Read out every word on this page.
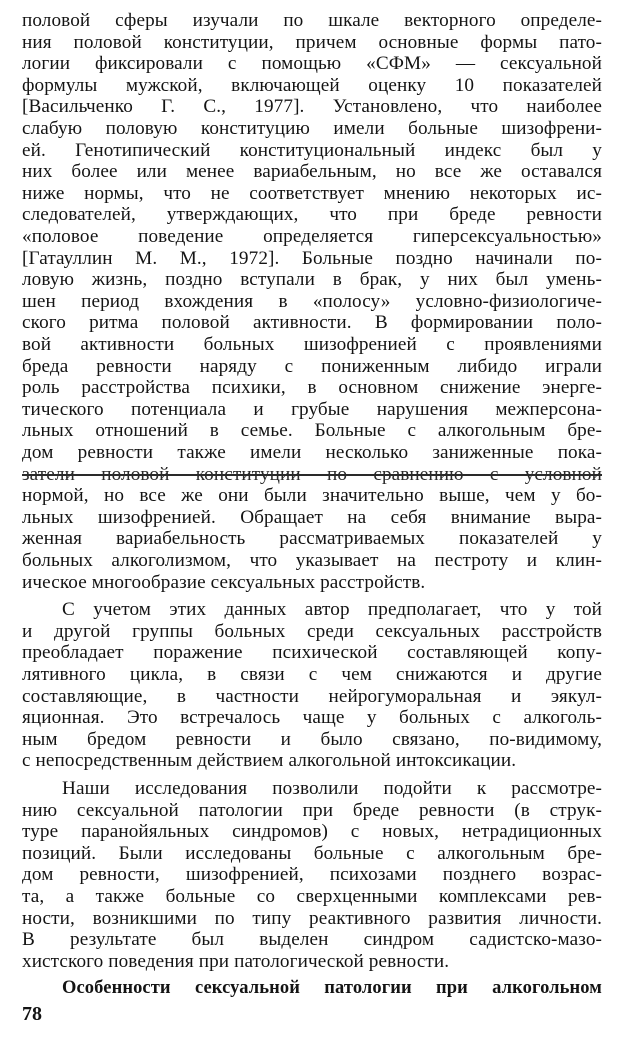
половой сферы изучали по шкале векторного определе-
ния половой конституции, причем основные формы пато-
логии фиксировали с помощью «СФМ» — сексуальной
формулы мужской, включающей оценку 10 показателей
[Васильченко Г. С., 1977]. Установлено, что наиболее
слабую половую конституцию имели больные шизофрени-
ей. Генотипический конституциональный индекс был у
них более или менее вариабельным, но все же оставался
ниже нормы, что не соответствует мнению некоторых ис-
следователей, утверждающих, что при бреде ревности
«половое поведение определяется гиперсексуальностью»
[Гатауллин М. М., 1972]. Больные поздно начинали по-
ловую жизнь, поздно вступали в брак, у них был умень-
шен период вхождения в «полосу» условно-физиологиче-
ского ритма половой активности. В формировании поло-
вой активности больных шизофренией с проявлениями
бреда ревности наряду с пониженным либидо играли
роль расстройства психики, в основном снижение энерге-
тического потенциала и грубые нарушения межперсона-
льных отношений в семье. Больные с алкогольным бре-
дом ревности также имели несколько заниженные пока-
затели половой конституции по сравнению с условной
нормой, но все же они были значительно выше, чем у бо-
льных шизофренией. Обращает на себя внимание выра-
женная вариабельность рассматриваемых показателей у
больных алкоголизмом, что указывает на пестроту и клин-
ическое многообразие сексуальных расстройств.
С учетом этих данных автор предполагает, что у той
и другой группы больных среди сексуальных расстройств
преобладает поражение психической составляющей копу-
лятивного цикла, в связи с чем снижаются и другие
составляющие, в частности нейрогуморальная и эякул-
яционная. Это встречалось чаще у больных с алкоголь-
ным бредом ревности и было связано, по-видимому,
с непосредственным действием алкогольной интоксикации.
Наши исследования позволили подойти к рассмотре-
нию сексуальной патологии при бреде ревности (в струк-
туре паранойяльных синдромов) с новых, нетрадиционных
позиций. Были исследованы больные с алкогольным бре-
дом ревности, шизофренией, психозами позднего возрас-
та, а также больные со сверхценными комплексами рев-
ности, возникшими по типу реактивного развития личности.
В результате был выделен синдром садистско-мазо-
хистского поведения при патологической ревности.
Особенности сексуальной патологии при алкогольном
78
